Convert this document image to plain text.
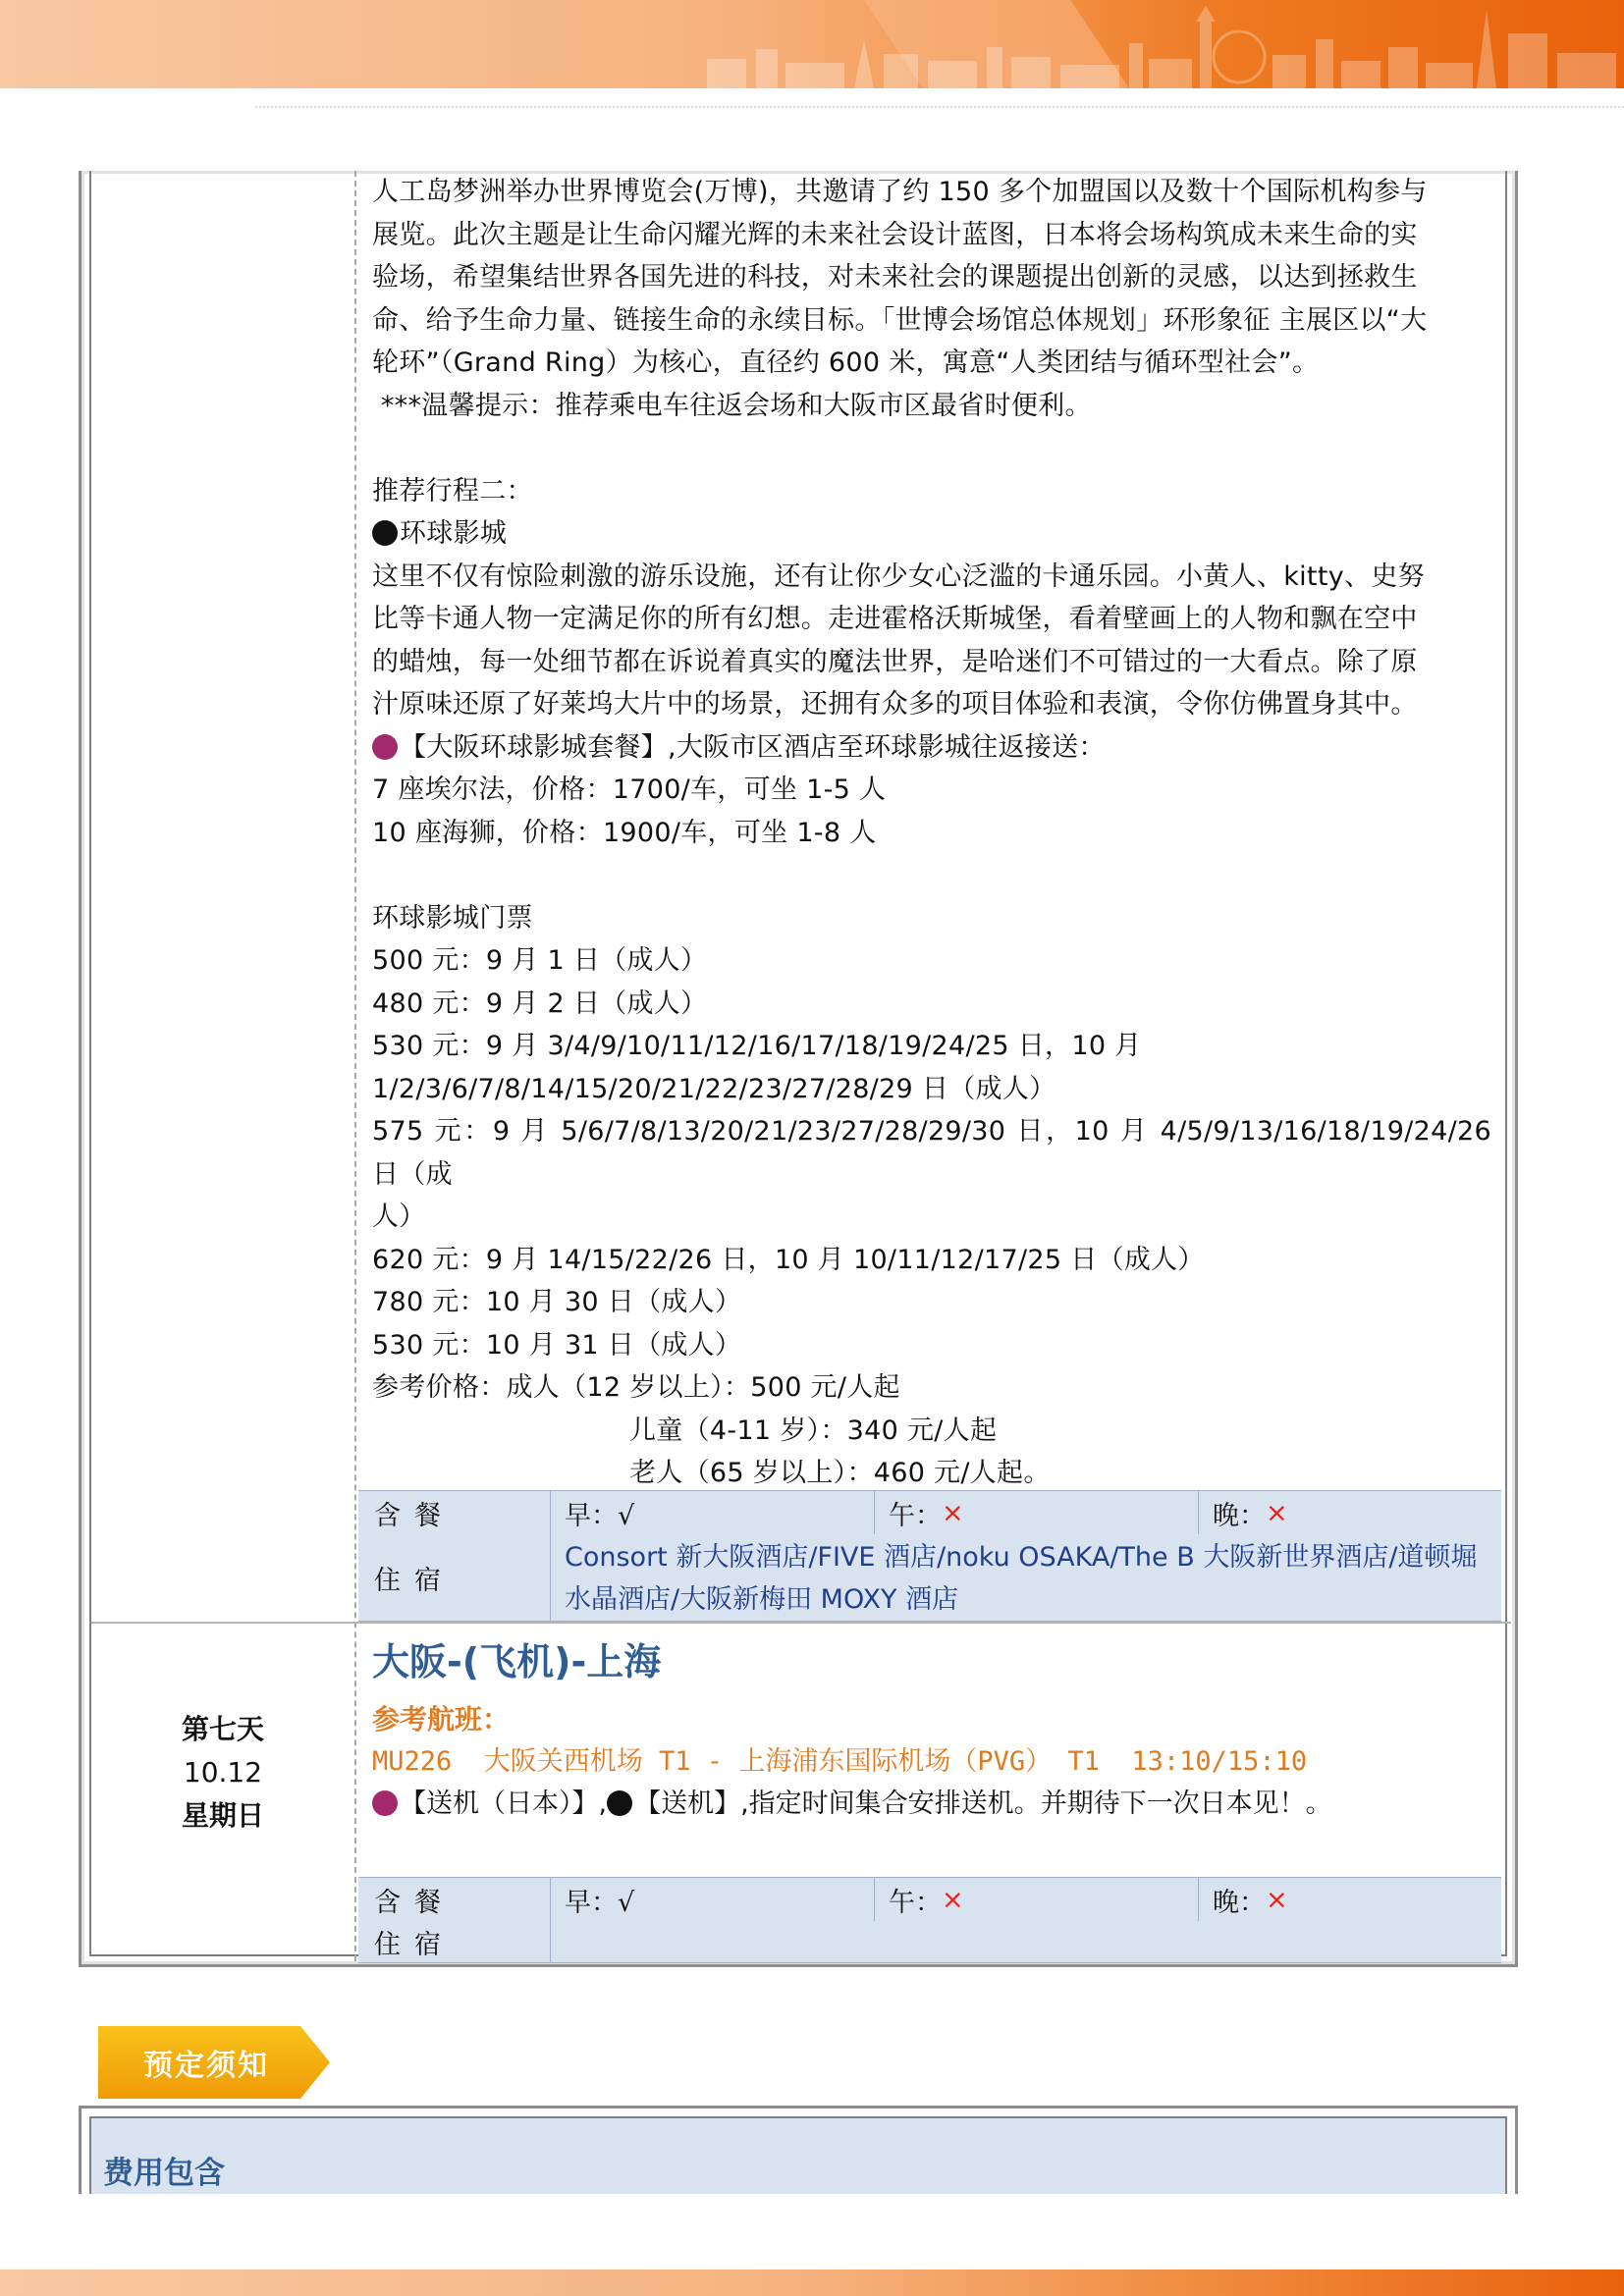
人工岛梦洲举办世界博览会(万博)，共邀请了约 150 多个加盟国以及数十个国际机构参与

展览。此次主题是让生命闪耀光辉的未来社会设计蓝图，日本将会场构筑成未来生命的实

验场，希望集结世界各国先进的科技，对未来社会的课题提出创新的灵感，以达到拯救生

命、给予生命力量、链接生命的永续目标。「世博会场馆总体规划」环形象征 主展区以“大

轮环”（Grand Ring）为核心，直径约 600 米，寓意“人类团结与循环型社会”。

***温馨提示：推荐乘电车往返会场和大阪市区最省时便利。

推荐行程二：

环球影城

这里不仅有惊险刺激的游乐设施，还有让你少女心泛滥的卡通乐园。小黄人、kitty、史努

比等卡通人物一定满足你的所有幻想。走进霍格沃斯城堡，看着壁画上的人物和飘在空中

的蜡烛，每一处细节都在诉说着真实的魔法世界，是哈迷们不可错过的一大看点。除了原

汁原味还原了好莱坞大片中的场景，还拥有众多的项目体验和表演，令你仿佛置身其中。

【大阪环球影城套餐】,大阪市区酒店至环球影城往返接送：

7 座埃尔法，价格：1700/车，可坐 1-5 人

10 座海狮，价格：1900/车，可坐 1-8 人

环球影城门票

500 元：9 月 1 日（成人）

480 元：9 月 2 日（成人）

530 元：9 月 3/4/9/10/11/12/16/17/18/19/24/25 日，10 月

1/2/3/6/7/8/14/15/20/21/22/23/27/28/29 日（成人）

575 元：9 月 5/6/7/8/13/20/21/23/27/28/29/30 日，10 月 4/5/9/13/16/18/19/24/26 日（成

人）

620 元：9 月 14/15/22/26 日，10 月 10/11/12/17/25 日（成人）

780 元：10 月 30 日（成人）

530 元：10 月 31 日（成人）

参考价格：成人（12 岁以上）：500 元/人起

儿童（4-11 岁）：340 元/人起

老人（65 岁以上）：460 元/人起。

含餐	早：√	午： ×	晚： ×
住宿
Consort 新大阪酒店/FIVE 酒店/noku OSAKA/The B 大阪新世界酒店/道顿堀水晶酒店/大阪新梅田 MOXY 酒店
第七天
10.12
星期日
大阪-(飞机)-上海
参考航班：
MU226  大阪关西机场 T1 - 上海浦东国际机场（PVG） T1  13:10/15:10
【送机（日本）】, 【送机】,指定时间集合安排送机。并期待下一次日本见！。
含餐	早：√	午： ×	晚： ×
住宿
预定须知
费用包含
